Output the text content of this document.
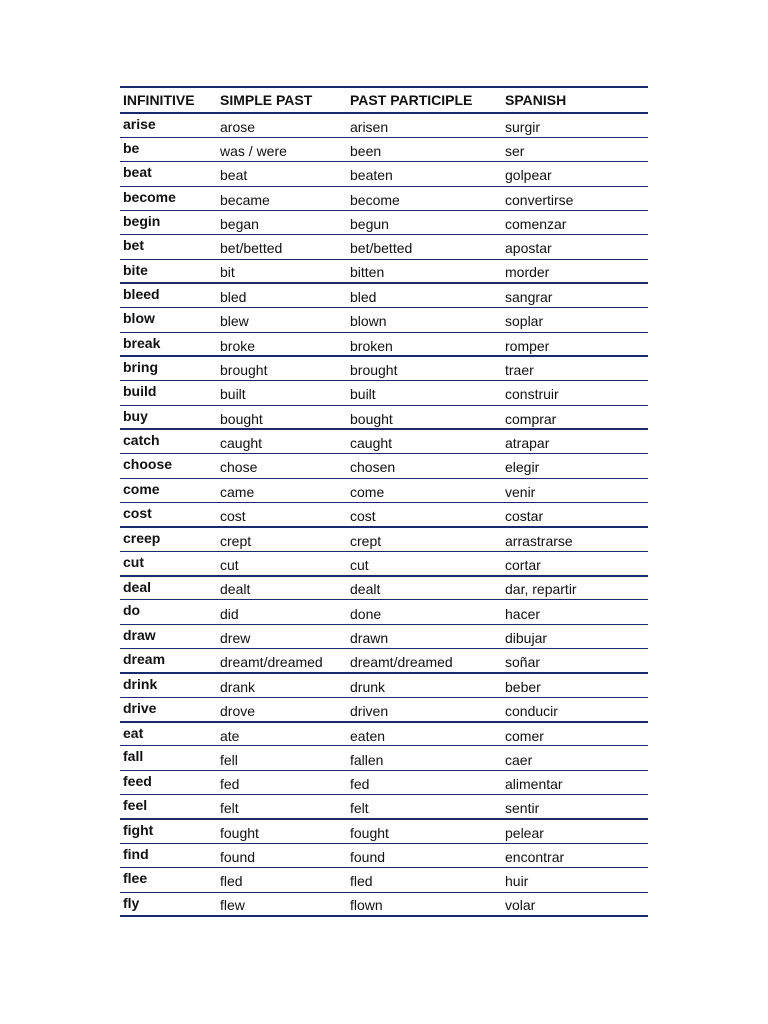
INFINITIVE	SIMPLE PAST	PAST PARTICIPLE	SPANISH
arise	arose	arisen	surgir
be	was / were	been	ser
beat	beat	beaten	golpear
become	became	become	convertirse
begin	began	begun	comenzar
bet	bet/betted	bet/betted	apostar
bite	bit	bitten	morder
bleed	bled	bled	sangrar
blow	blew	blown	soplar
break	broke	broken	romper
bring	brought	brought	traer
build	built	built	construir
buy	bought	bought	comprar
catch	caught	caught	atrapar
choose	chose	chosen	elegir
come	came	come	venir
cost	cost	cost	costar
creep	crept	crept	arrastrarse
cut	cut	cut	cortar
deal	dealt	dealt	dar, repartir
do	did	done	hacer
draw	drew	drawn	dibujar
dream	dreamt/dreamed	dreamt/dreamed	soñar
drink	drank	drunk	beber
drive	drove	driven	conducir
eat	ate	eaten	comer
fall	fell	fallen	caer
feed	fed	fed	alimentar
feel	felt	felt	sentir
fight	fought	fought	pelear
find	found	found	encontrar
flee	fled	fled	huir
fly	flew	flown	volar
